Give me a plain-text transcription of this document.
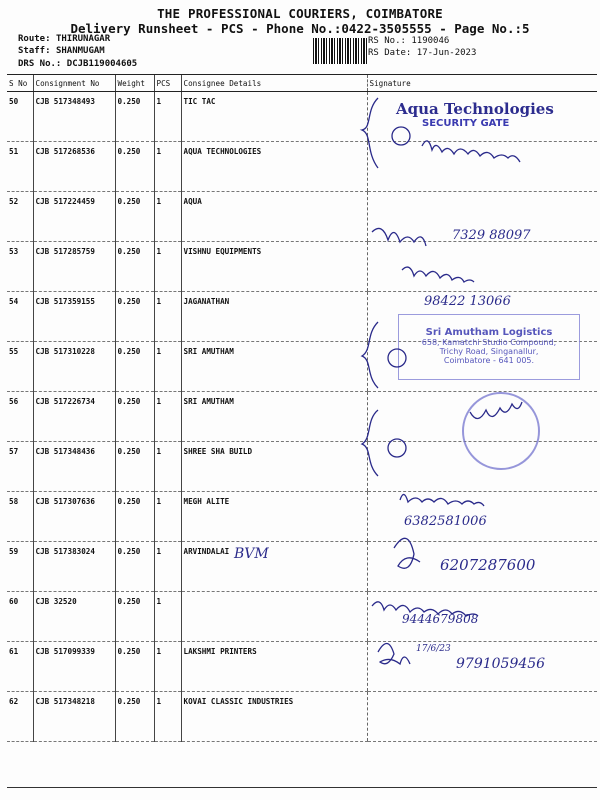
THE PROFESSIONAL COURIERS, COIMBATORE
Delivery Runsheet - PCS - Phone No.:0422-3505555 - Page No.:5
Route: THIRUNAGAR
Staff: SHANMUGAM
DRS No.: DCJB119004605
RS No.: 1190046
RS Date: 17-Jun-2023
S No	Consignment No	Weight	PCS	Consignee Details	Signature
50	CJB 517348493	0.250	1	TIC TAC	
51	CJB 517268536	0.250	1	AQUA TECHNOLOGIES	
52	CJB 517224459	0.250	1	AQUA	
53	CJB 517285759	0.250	1	VISHNU EQUIPMENTS	
54	CJB 517359155	0.250	1	JAGANATHAN	
55	CJB 517310228	0.250	1	SRI AMUTHAM	
56	CJB 517226734	0.250	1	SRI AMUTHAM	
57	CJB 517348436	0.250	1	SHREE SHA BUILD	
58	CJB 517307636	0.250	1	MEGH ALITE	
59	CJB 517383024	0.250	1	ARVINDALAI	
60	CJB 32520	0.250	1		
61	CJB 517099339	0.250	1	LAKSHMI PRINTERS	
62	CJB 517348218	0.250	1	KOVAI CLASSIC INDUSTRIES	
Aqua Technologies
SECURITY GATE
Sri Amutham Logistics
658, Kamatchi Studio Compound,
Trichy Road, Singanallur,
Coimbatore - 641 005.
BVM
7329 88097
98422 13066
6382581006
6207287600
9444679808
9791059456
17/6/23
